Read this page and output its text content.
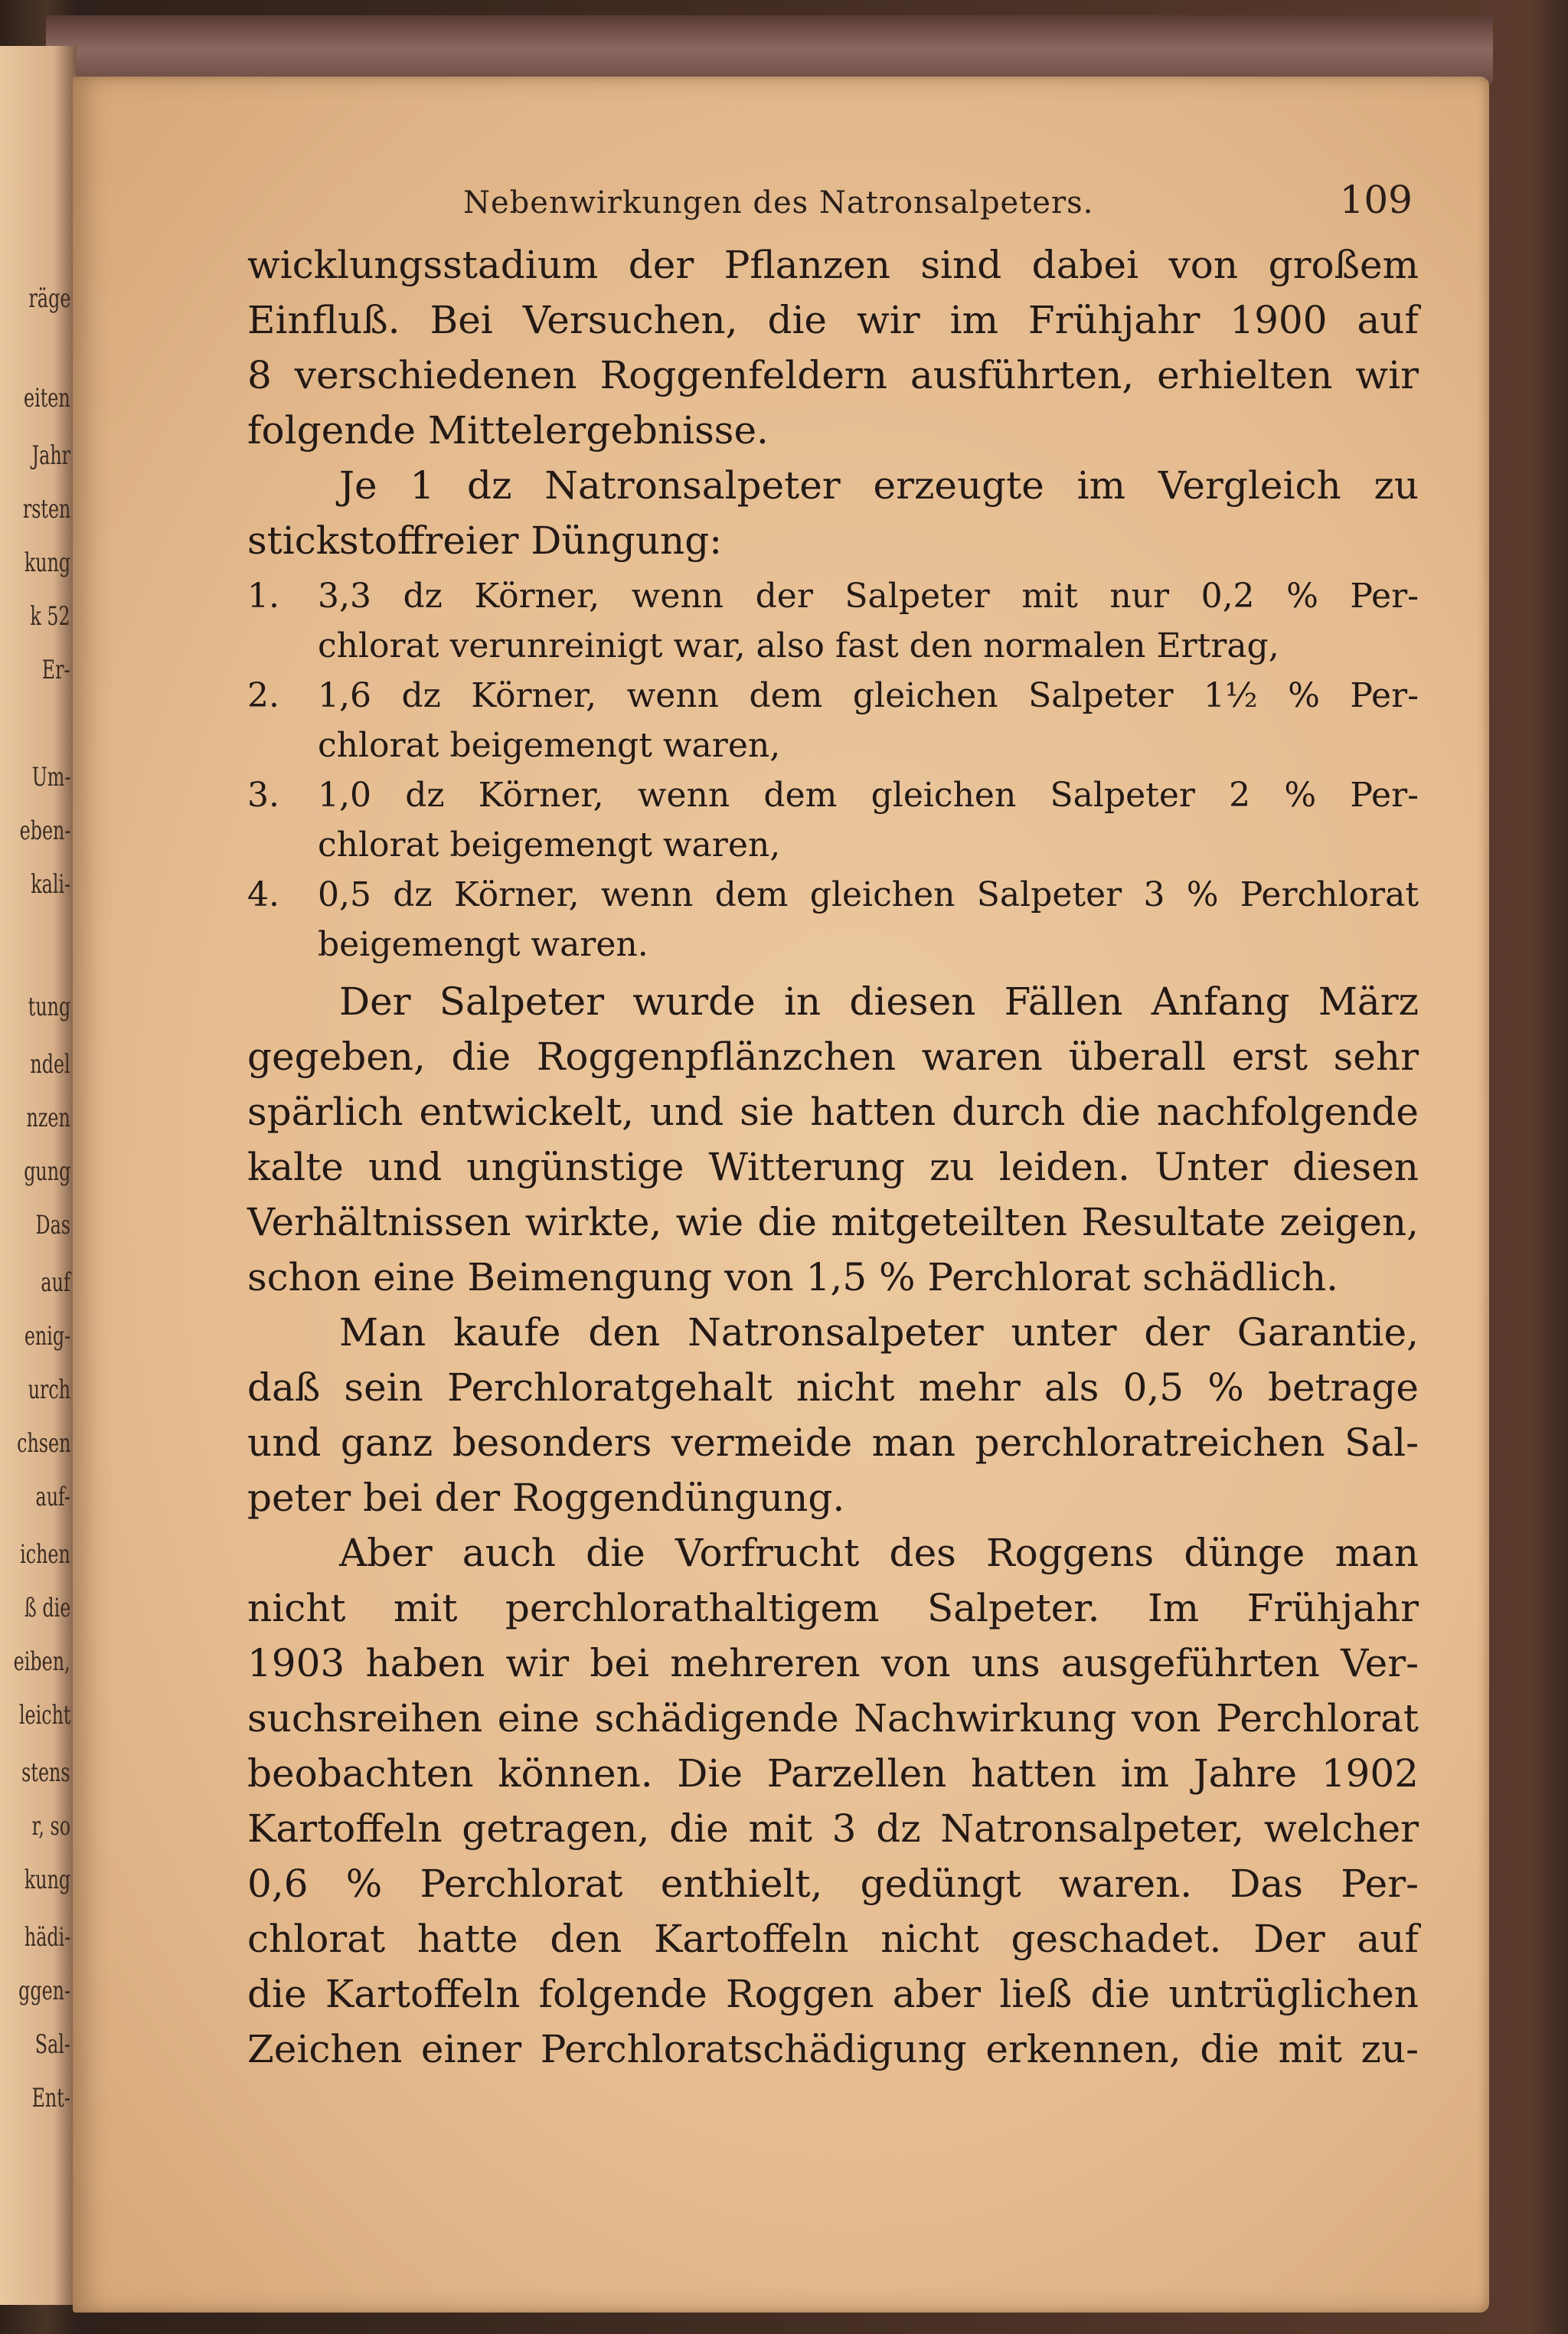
räge
eiten
Jahr
rsten
kung
k 52
Er-
Um-
eben-
kali-
tung
ndel
nzen
gung
Das
auf
enig-
urch
chsen
auf-
ichen
ß die
eiben,
leicht
stens
r, so
kung
hädi-
ggen-
Sal-
Ent-
Nebenwirkungen des Natronsalpeters.	109
wicklungsstadium der Pflanzen sind dabei von großem
Einfluß. Bei Versuchen, die wir im Frühjahr 1900 auf
8 verschiedenen Roggenfeldern ausführten, erhielten wir
folgende Mittelergebnisse.
Je 1 dz Natronsalpeter erzeugte im Vergleich zu
stickstoffreier Düngung:
1. 3,3 dz Körner, wenn der Salpeter mit nur 0,2 % Per-
chlorat verunreinigt war, also fast den normalen Ertrag,
2. 1,6 dz Körner, wenn dem gleichen Salpeter 1½ % Per-
chlorat beigemengt waren,
3. 1,0 dz Körner, wenn dem gleichen Salpeter 2 % Per-
chlorat beigemengt waren,
4. 0,5 dz Körner, wenn dem gleichen Salpeter 3 % Perchlorat
beigemengt waren.
Der Salpeter wurde in diesen Fällen Anfang März
gegeben, die Roggenpflänzchen waren überall erst sehr
spärlich entwickelt, und sie hatten durch die nachfolgende
kalte und ungünstige Witterung zu leiden. Unter diesen
Verhältnissen wirkte, wie die mitgeteilten Resultate zeigen,
schon eine Beimengung von 1,5 % Perchlorat schädlich.
Man kaufe den Natronsalpeter unter der Garantie,
daß sein Perchloratgehalt nicht mehr als 0,5 % betrage
und ganz besonders vermeide man perchloratreichen Sal-
peter bei der Roggendüngung.
Aber auch die Vorfrucht des Roggens dünge man
nicht mit perchlorathaltigem Salpeter. Im Frühjahr
1903 haben wir bei mehreren von uns ausgeführten Ver-
suchsreihen eine schädigende Nachwirkung von Perchlorat
beobachten können. Die Parzellen hatten im Jahre 1902
Kartoffeln getragen, die mit 3 dz Natronsalpeter, welcher
0,6 % Perchlorat enthielt, gedüngt waren. Das Per-
chlorat hatte den Kartoffeln nicht geschadet. Der auf
die Kartoffeln folgende Roggen aber ließ die untrüglichen
Zeichen einer Perchloratschädigung erkennen, die mit zu-
